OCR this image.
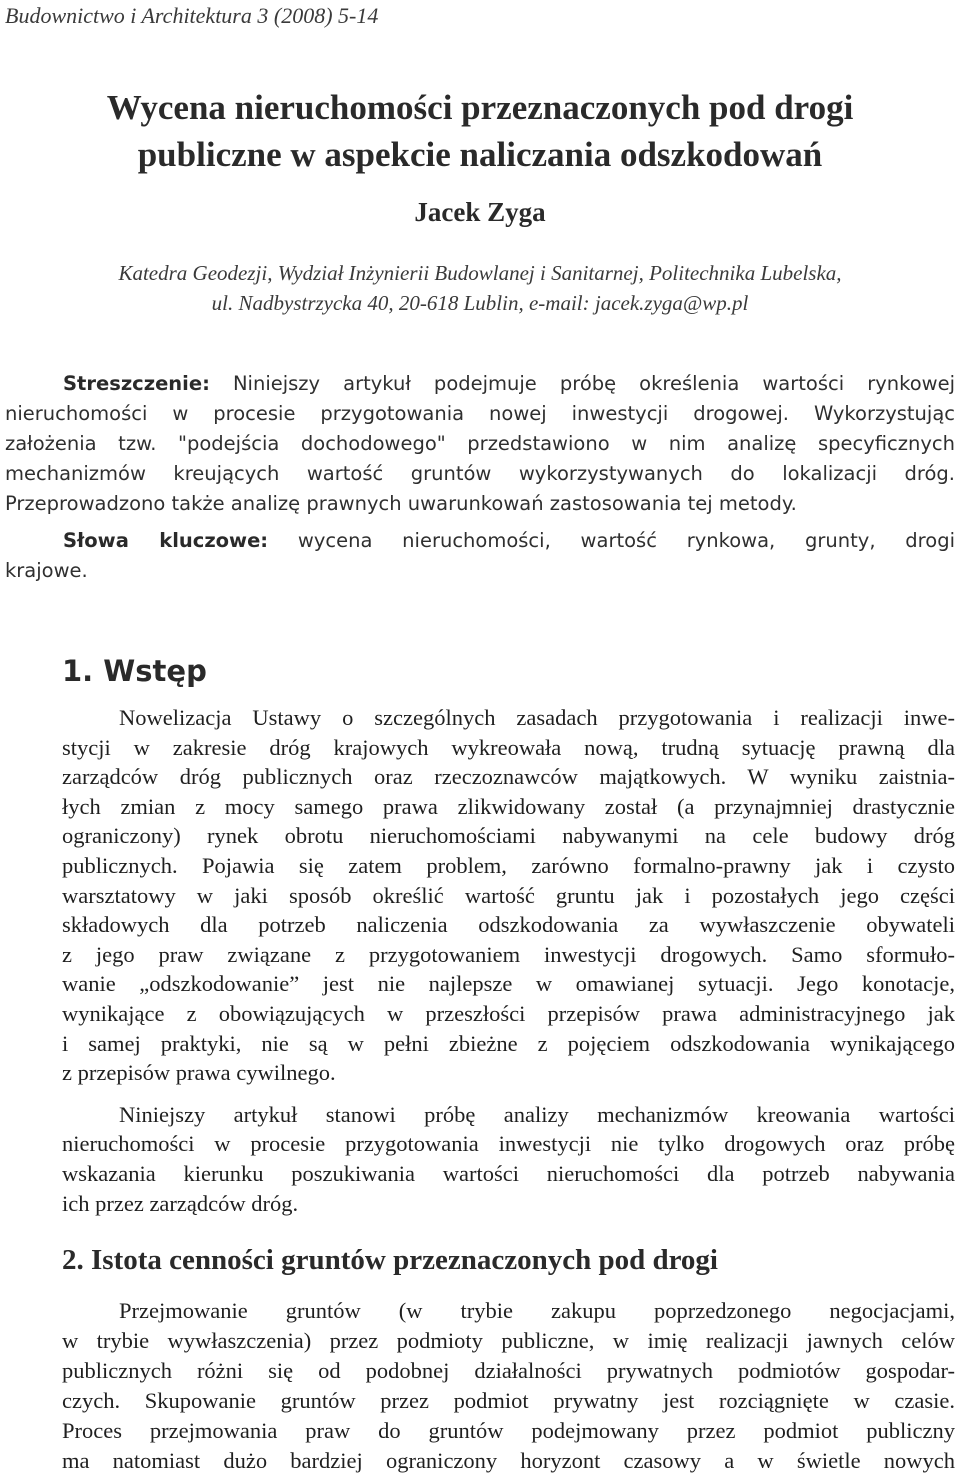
Budownictwo i Architektura 3 (2008) 5-14
Wycena nieruchomości przeznaczonych pod drogi
publiczne w aspekcie naliczania odszkodowań
Jacek Zyga
Katedra Geodezji, Wydział Inżynierii Budowlanej i Sanitarnej, Politechnika Lubelska,
ul. Nadbystrzycka 40, 20-618 Lublin, e-mail: jacek.zyga@wp.pl

Streszczenie: Niniejszy artykuł podejmuje próbę określenia wartości rynkowej
nieruchomości w procesie przygotowania nowej inwestycji drogowej. Wykorzystując
założenia tzw. "podejścia dochodowego" przedstawiono w nim analizę specyficznych
mechanizmów kreujących wartość gruntów wykorzystywanych do lokalizacji dróg.
Przeprowadzono także analizę prawnych uwarunkowań zastosowania tej metody.

Słowa kluczowe: wycena nieruchomości, wartość rynkowa, grunty, drogi
krajowe.

1. Wstęp

Nowelizacja Ustawy o szczególnych zasadach przygotowania i realizacji inwe-
stycji w zakresie dróg krajowych wykreowała nową, trudną sytuację prawną dla
zarządców dróg publicznych oraz rzeczoznawców majątkowych. W wyniku zaistnia-
łych zmian z mocy samego prawa zlikwidowany został (a przynajmniej drastycznie
ograniczony) rynek obrotu nieruchomościami nabywanymi na cele budowy dróg
publicznych. Pojawia się zatem problem, zarówno formalno-prawny jak i czysto
warsztatowy w jaki sposób określić wartość gruntu jak i pozostałych jego części
składowych dla potrzeb naliczenia odszkodowania za wywłaszczenie obywateli
z jego praw związane z przygotowaniem inwestycji drogowych. Samo sformuło-
wanie „odszkodowanie” jest nie najlepsze w omawianej sytuacji. Jego konotacje,
wynikające z obowiązujących w przeszłości przepisów prawa administracyjnego jak
i samej praktyki, nie są w pełni zbieżne z pojęciem odszkodowania wynikającego
z przepisów prawa cywilnego.

Niniejszy artykuł stanowi próbę analizy mechanizmów kreowania wartości
nieruchomości w procesie przygotowania inwestycji nie tylko drogowych oraz próbę
wskazania kierunku poszukiwania wartości nieruchomości dla potrzeb nabywania
ich przez zarządców dróg.

2. Istota cenności gruntów przeznaczonych pod drogi

Przejmowanie gruntów (w trybie zakupu poprzedzonego negocjacjami,
w trybie wywłaszczenia) przez podmioty publiczne, w imię realizacji jawnych celów
publicznych różni się od podobnej działalności prywatnych podmiotów gospodar-
czych. Skupowanie gruntów przez podmiot prywatny jest rozciągnięte w czasie.
Proces przejmowania praw do gruntów podejmowany przez podmiot publiczny
ma natomiast dużo bardziej ograniczony horyzont czasowy a w świetle nowych
